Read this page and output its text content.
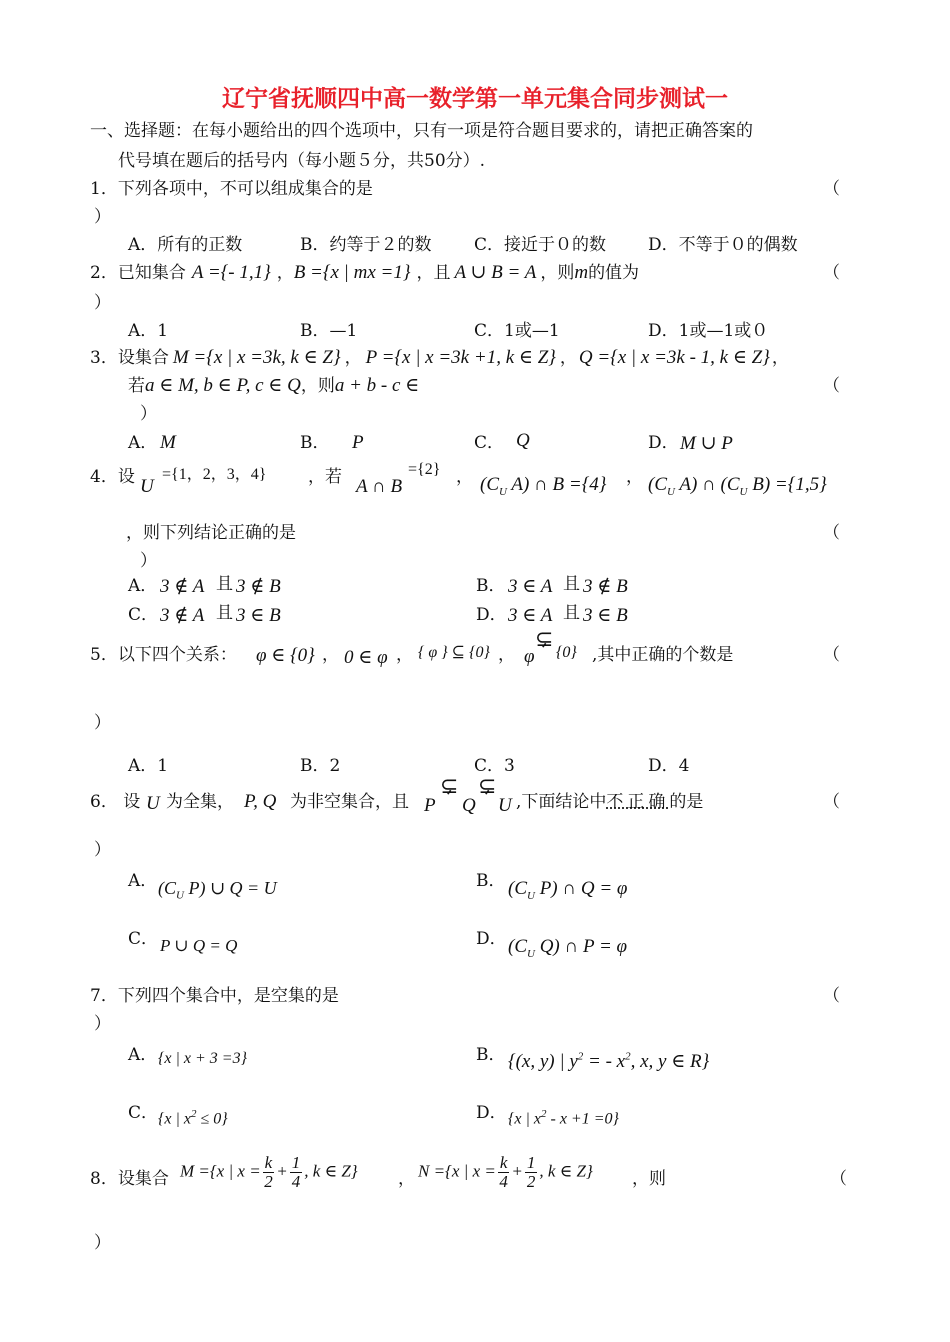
辽宁省抚顺四中高一数学第一单元集合同步测试一
一、选择题：在每小题给出的四个选项中，只有一项是符合题目要求的，请把正确答案的
代号填在题后的括号内（每小题５分，共50分）.
1．下列各项中，不可以组成集合的是	（
）
A．所有的正数	B．约等于２的数	C．接近于０的数 D．不等于０的偶数
2．已知集合 A ={- 1,1} ，B ={x | mx =1} ，且 A ∪ B = A ，则m的值为	（
）
A．1	B．—1	C．1或—1	D．1或—1或０
3．设集合 M ={x | x =3k, k ∈ Z} ， P ={x | x =3k +1, k ∈ Z} ， Q ={x | x =3k - 1, k ∈ Z} ，
若a ∈ M, b ∈ P, c ∈ Q，则a + b - c ∈	（
）
A． M	B． P	C． Q	D． M ∪ P
4．设 U
={1，2，3，4} ，若 A ∩ B
={2} ， ($C_U$ A) ∩ B ={4} ， ($C_U$ A) ∩ ($C_U$ B) ={1,5}
，则下列结论正确的是	（
）
A． 3 ∉ A 且 3 ∉ B	B． 3 ∈ A 且 3 ∉ B
C． 3 ∉ A 且 3 ∈ B	D． 3 ∈ A 且 3 ∈ B
5．以下四个关系： φ ∈ {0} ， 0 ∈ φ ， { φ } ⊆ {0} ， φ
⊊
{0} ,其中正确的个数是	（
）
A．1	B．2	C．3	D．4
6． 设 U 为全集， P, Q 为非空集合，且 P
⊊
Q
⊊
U ,下面结论中不正确的是	（
）
A． ($C_U$ P) ∪ Q = U	B． ($C_U$ P) ∩ Q = φ
C． P ∪ Q = Q	D． ($C_U$ Q) ∩ P = φ
7．下列四个集合中，是空集的是	（
）
A． {x | x + 3 =3}	B． {(x, y) | $y^2$ = - $x^2$, x, y ∈ R}
C． {x | $x^2 \le 0$}	D． {x | $x^2 - x +1 =0$}
8．设集合 M ={x | $x = \frac{k}{2} + \frac{1}{4}$ , k ∈ Z} ， N ={x | $x = \frac{k}{4} + \frac{1}{2}$ , k ∈ Z} ，则	（
）
